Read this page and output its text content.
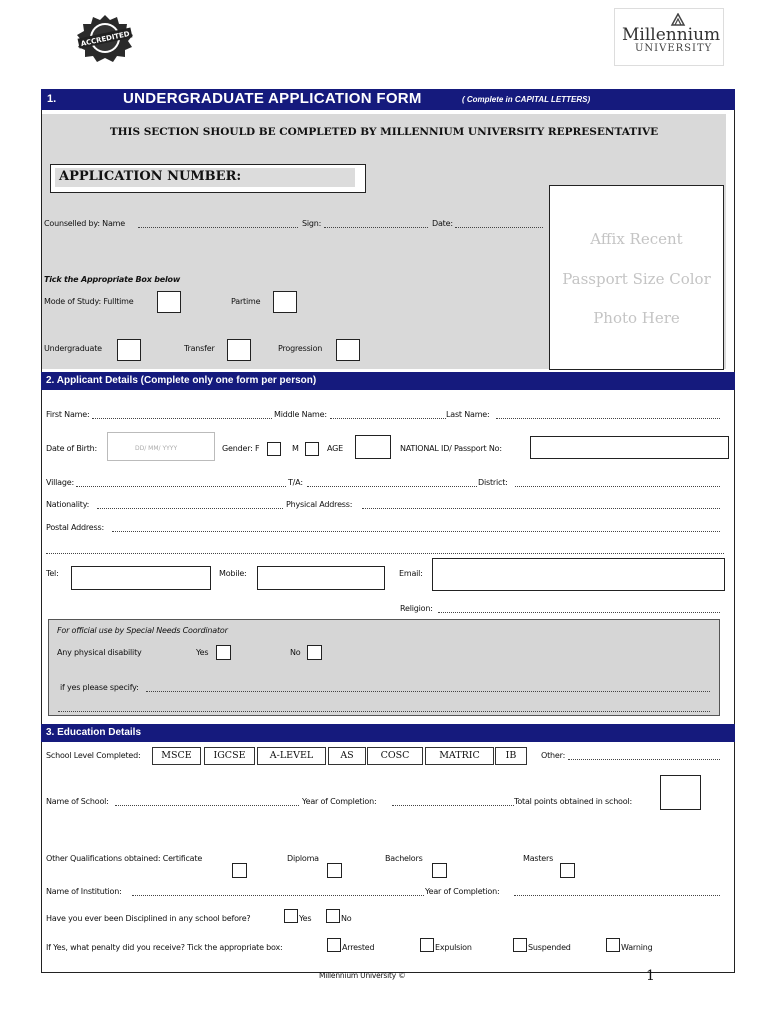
ACCREDITED	Millennium
UNIVERSITY
1.	UNDERGRADUATE APPLICATION FORM	( Complete in CAPITAL LETTERS)
THIS SECTION SHOULD BE COMPLETED BY MILLENNIUM UNIVERSITY REPRESENTATIVE
APPLICATION NUMBER:
Counselled by: Name	Sign:	Date:
Affix Recent
Passport Size Color
Photo Here
Tick the Appropriate Box below
Mode of Study: Fulltime	Partime
Undergraduate	Transfer	Progression
2. Applicant Details (Complete only one form per person)
First Name:	Middle Name:	Last Name:
Date of Birth:	DD/ MM/ YYYY	Gender: F	M	AGE	NATIONAL ID/ Passport No:
Village:	T/A:	District:
Nationality:	Physical Address:
Postal Address:
Tel:	Mobile:	Email:
Religion:
For official use by Special Needs Coordinator
Any physical disability	Yes	No
if yes please specify:
3. Education Details
School Level Completed:	MSCE	IGCSE	A-LEVEL	AS	COSC	MATRIC	IB	Other:
Name of School:	Year of Completion:	Total points obtained in school:
Other Qualifications obtained: Certificate	Diploma	Bachelors	Masters
Name of Institution:	Year of Completion:
Have you ever been Disciplined in any school before?	Yes	No
If Yes, what penalty did you receive? Tick the appropriate box:	Arrested	Expulsion	Suspended	Warning
Millennium University ©	1
